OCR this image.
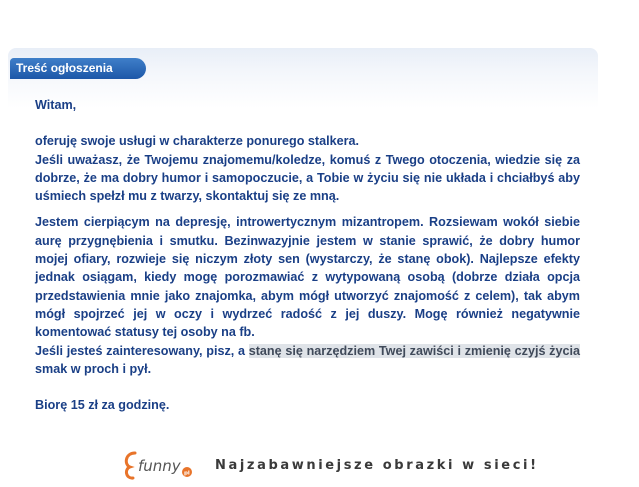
Treść ogłoszenia

Witam,

oferuję swoje usługi w charakterze ponurego stalkera.

Jeśli uważasz, że Twojemu znajomemu/koledze, komuś z Twego otoczenia, wiedzie się za dobrze, że ma dobry humor i samopoczucie, a Tobie w życiu się nie układa i chciałbyś aby uśmiech spełzł mu z twarzy, skontaktuj się ze mną.

Jestem cierpiącym na depresję, introwertycznym mizantropem. Rozsiewam wokół siebie aurę przygnębienia i smutku. Bezinwazyjnie jestem w stanie sprawić, że dobry humor mojej ofiary, rozwieje się niczym złoty sen (wystarczy, że stanę obok). Najlepsze efekty jednak osiągam, kiedy mogę porozmawiać z wytypowaną osobą (dobrze działa opcja przedstawienia mnie jako znajomka, abym mógł utworzyć znajomość z celem), tak abym mógł spojrzeć jej w oczy i wydrzeć radość z jej duszy. Mogę również negatywnie komentować statusy tej osoby na fb.

Jeśli jesteś zainteresowany, pisz, a stanę się narzędziem Twej zawiści i zmienię czyjś życia smak w proch i pył.

Biorę 15 zł za godzinę.

funny pl
Najzabawniejsze obrazki w sieci!
